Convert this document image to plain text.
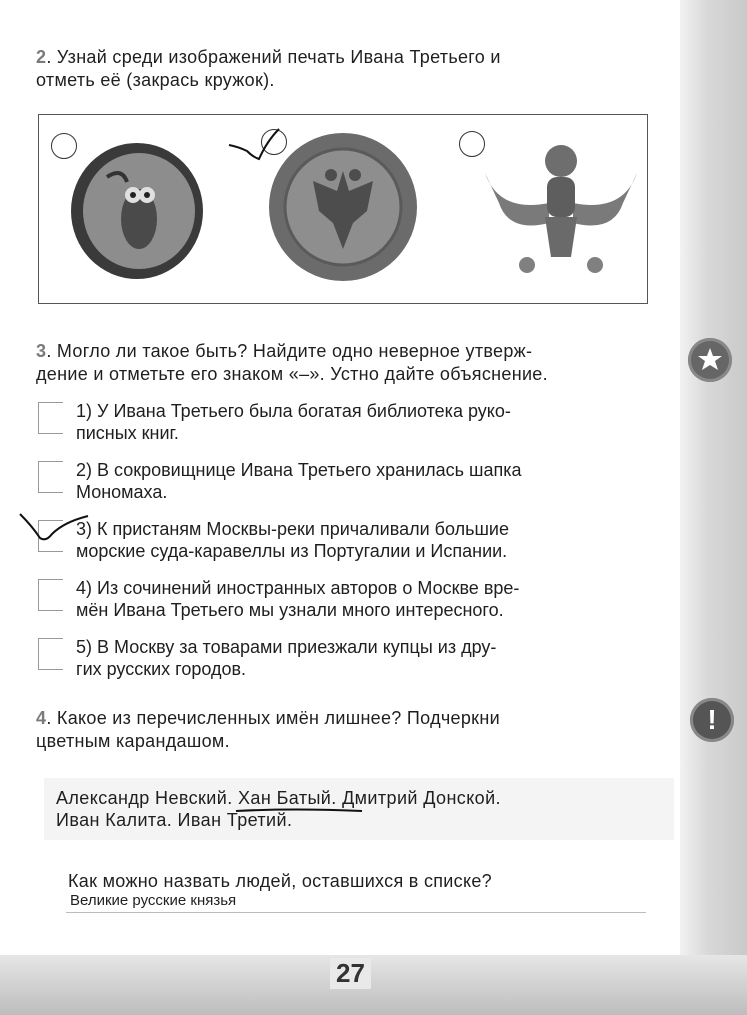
!
2. Узнай среди изображений печать Ивана Третьего и
отметь её (закрась кружок).
3. Могло ли такое быть? Найдите одно неверное утверж-
дение и отметьте его знаком «–». Устно дайте объяснение.
1) У Ивана Третьего была богатая библиотека руко-
писных книг.
2) В сокровищнице Ивана Третьего хранилась шапка
Мономаха.
3) К пристаням Москвы-реки причаливали большие
морские суда-каравеллы из Португалии и Испании.
4) Из сочинений иностранных авторов о Москве вре-
мён Ивана Третьего мы узнали много интересного.
5) В Москву за товарами приезжали купцы из дру-
гих русских городов.
4. Какое из перечисленных имён лишнее? Подчеркни
цветным карандашом.
Александр Невский. Хан Батый
. Дмитрий Донской.
Иван Калита. Иван Третий.
Как можно назвать людей, оставшихся в списке?
Великие русские князья
27
